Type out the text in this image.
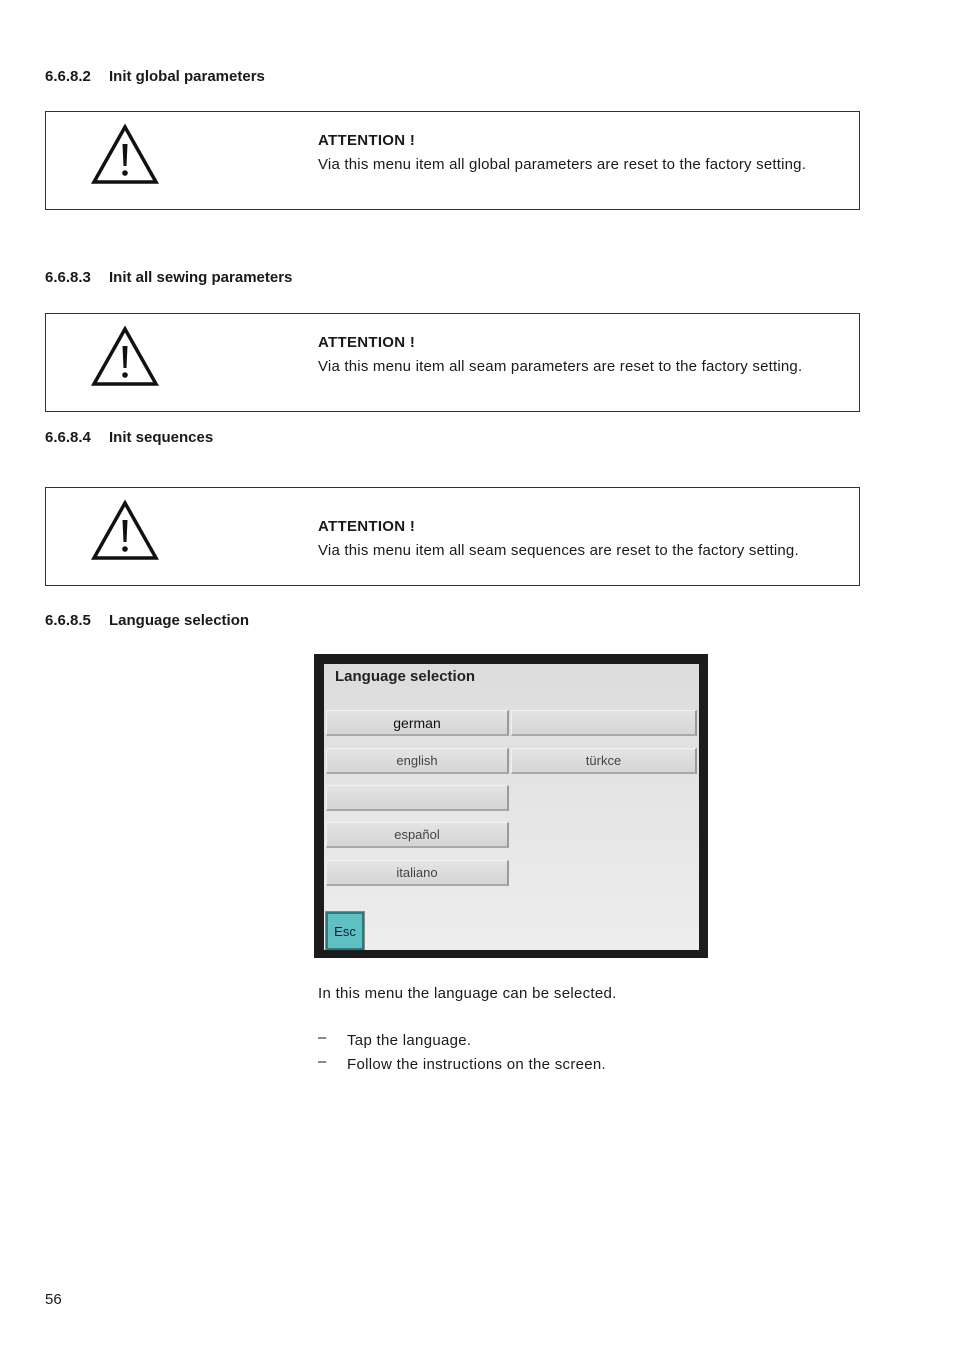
6.6.8.2 Init global parameters
ATTENTION !
Via this menu item all global parameters are reset to the factory setting.
6.6.8.3 Init all sewing parameters
ATTENTION !
Via this menu item all seam parameters are reset to the factory setting.
6.6.8.4 Init sequences
ATTENTION !
Via this menu item all seam sequences are reset to the factory setting.
6.6.8.5 Language selection
Language selection
german
english	türkce
español
italiano
Esc

In this menu the language can be selected.

– Tap the language.
– Follow the instructions on the screen.
56
